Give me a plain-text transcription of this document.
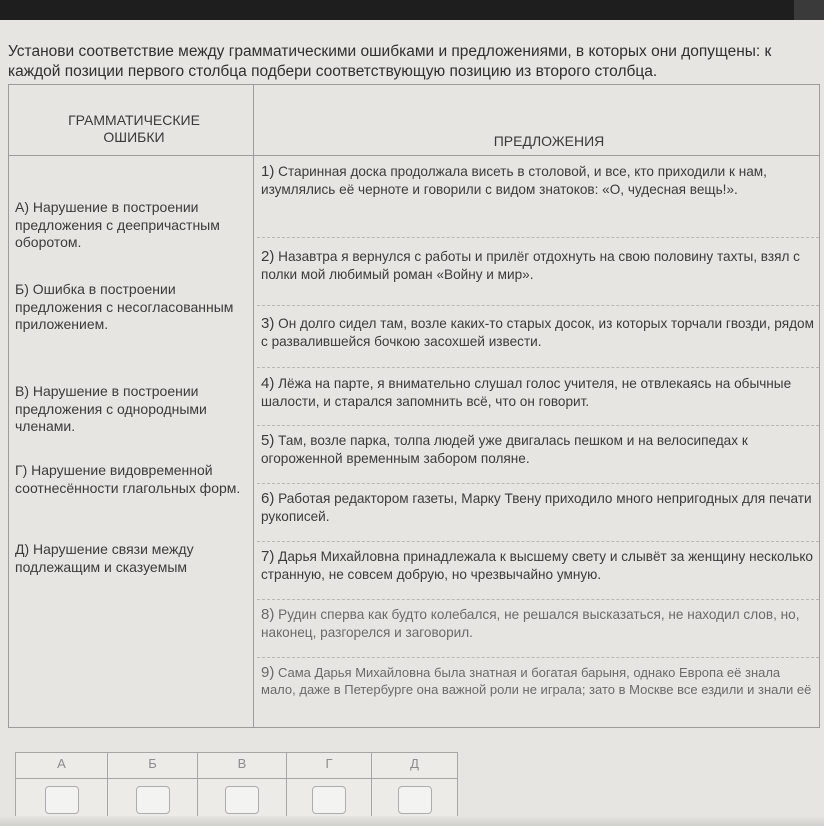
Установи соответствие между грамматическими ошибками и предложениями, в которых они допущены: к каждой позиции первого столбца подбери соответствующую позицию из второго столбца.
ГРАММАТИЧЕСКИЕ ОШИБКИ	ПРЕДЛОЖЕНИЯ
А) Нарушение в построении предложения с деепричастным оборотом.
Б) Ошибка в построении предложения с несогласованным приложением.
В) Нарушение в построении предложения с однородными членами.
Г) Нарушение видовременной соотнесённости глагольных форм.
Д) Нарушение связи между подлежащим и сказуемым
1) Старинная доска продолжала висеть в столовой, и все, кто приходили к нам, изумлялись её черноте и говорили с видом знатоков: «О, чудесная вещь!».
2) Назавтра я вернулся с работы и прилёг отдохнуть на свою половину тахты, взял с полки мой любимый роман «Войну и мир».
3) Он долго сидел там, возле каких-то старых досок, из которых торчали гвозди, рядом с развалившейся бочкою засохшей извести.
4) Лёжа на парте, я внимательно слушал голос учителя, не отвлекаясь на обычные шалости, и старался запомнить всё, что он говорит.
5) Там, возле парка, толпа людей уже двигалась пешком и на велосипедах к огороженной временным забором поляне.
6) Работая редактором газеты, Марку Твену приходило много непригодных для печати рукописей.
7) Дарья Михайловна принадлежала к высшему свету и слывёт за женщину несколько странную, не совсем добрую, но чрезвычайно умную.
8) Рудин сперва как будто колебался, не решался высказаться, не находил слов, но, наконец, разгорелся и заговорил.
9) Сама Дарья Михайловна была знатная и богатая барыня, однако Европа её знала мало, даже в Петербурге она важной роли не играла; зато в Москве все ездили и знали её
А	Б	В	Г	Д
